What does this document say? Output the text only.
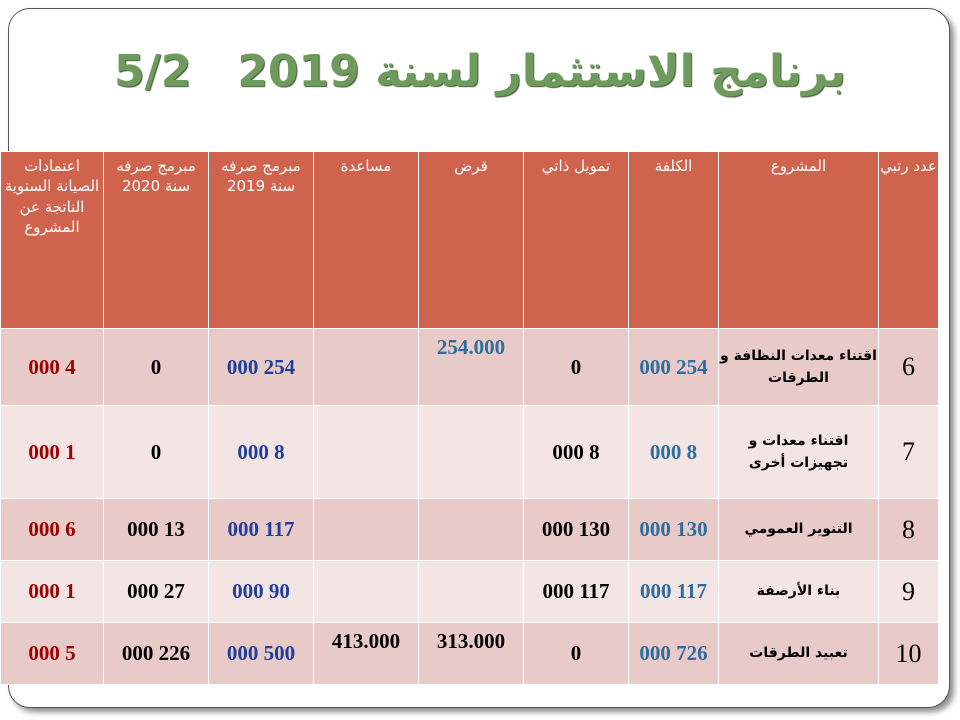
برنامج الاستثمار لسنة 2019   5/2
عدد رتبي	المشروع	الكلفة	تمويل ذاتي	قرض	مساعدة	مبرمج صرفه سنة 2019	مبرمج صرفه سنة 2020	اعتمادات الصيانة السنوية الناتجة عن المشروع
6	اقتناء معدات النظافة و الطرقات	254 000	0	254.000		254 000	0	4 000
7	اقتناء معدات و تجهيزات أخرى	8 000	8 000			8 000	0	1 000
8	التنوير العمومي	130 000	130 000			117 000	13 000	6 000
9	بناء الأرصفة	117 000	117 000			90 000	27 000	1 000
10	تعبيد الطرقات	726 000	0	313.000	413.000	500 000	226 000	5 000
